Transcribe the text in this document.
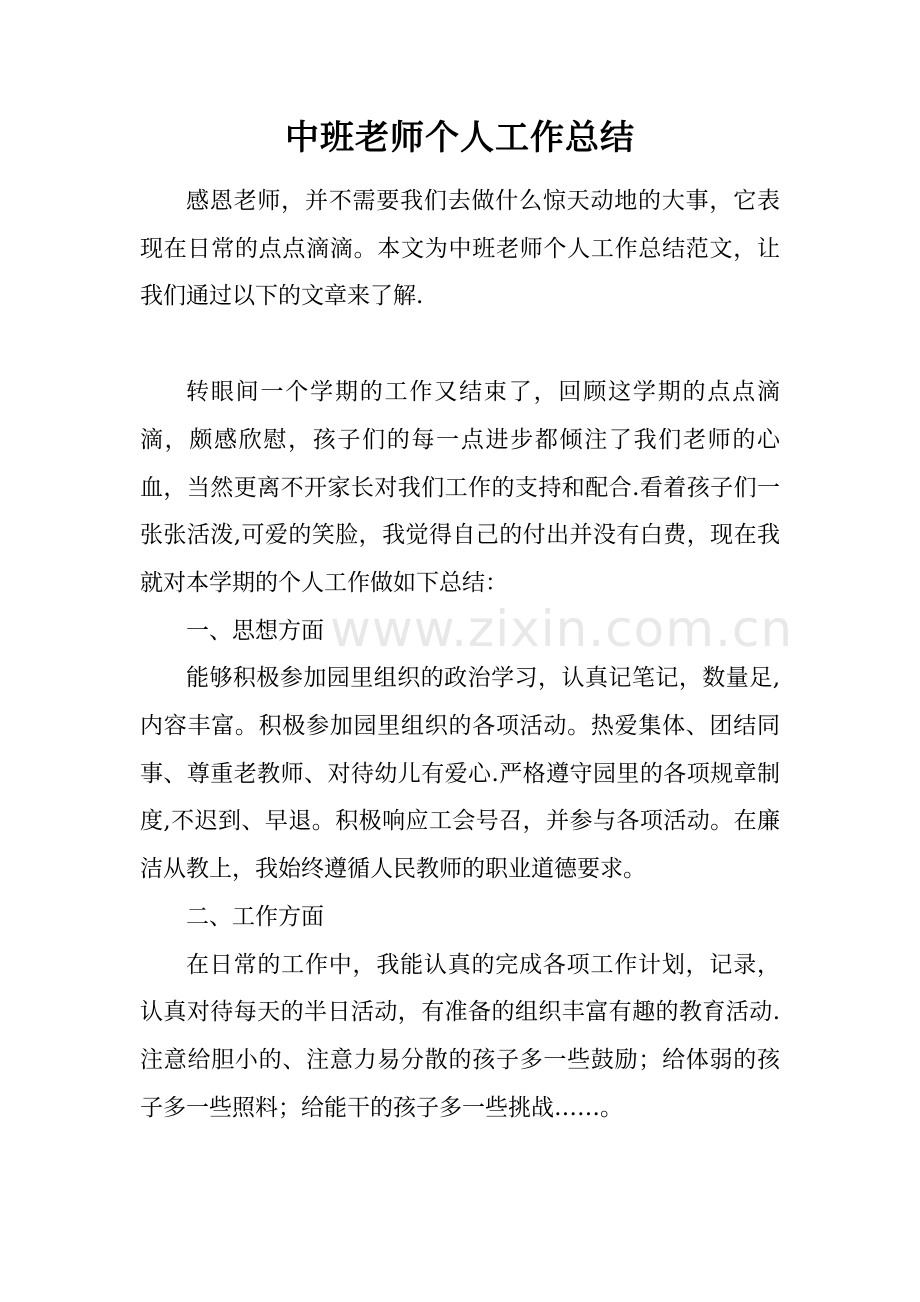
中班老师个人工作总结

感恩老师，并不需要我们去做什么惊天动地的大事，它表现在日常的点点滴滴。本文为中班老师个人工作总结范文，让我们通过以下的文章来了解.

转眼间一个学期的工作又结束了，回顾这学期的点点滴滴，颇感欣慰，孩子们的每一点进步都倾注了我们老师的心血，当然更离不开家长对我们工作的支持和配合.看着孩子们一张张活泼,可爱的笑脸，我觉得自己的付出并没有白费，现在我就对本学期的个人工作做如下总结：

一、思想方面

能够积极参加园里组织的政治学习，认真记笔记，数量足,内容丰富。积极参加园里组织的各项活动。热爱集体、团结同事、尊重老教师、对待幼儿有爱心.严格遵守园里的各项规章制度,不迟到、早退。积极响应工会号召，并参与各项活动。在廉洁从教上，我始终遵循人民教师的职业道德要求。

二、工作方面

在日常的工作中，我能认真的完成各项工作计划，记录，认真对待每天的半日活动，有准备的组织丰富有趣的教育活动.注意给胆小的、注意力易分散的孩子多一些鼓励；给体弱的孩子多一些照料；给能干的孩子多一些挑战……。

www.zixin.com.cn
